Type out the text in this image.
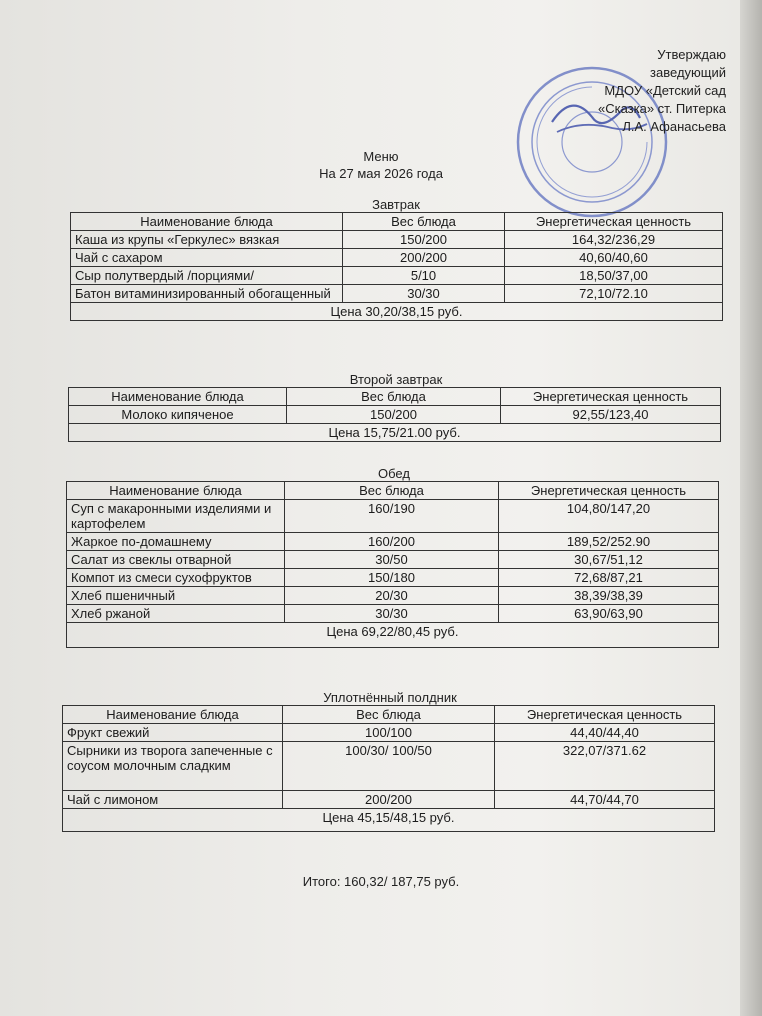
Утверждаю
заведующий
МДОУ «Детский сад
«Сказка» ст. Питерка
Л.А. Афанасьева
Меню
На 27 мая 2026 года
Завтрак
Наименование блюда	Вес блюда	Энергетическая ценность
Каша из крупы «Геркулес» вязкая	150/200	164,32/236,29
Чай с сахаром	200/200	40,60/40,60
Сыр полутвердый /порциями/	5/10	18,50/37,00
Батон витаминизированный обогащенный	30/30	72,10/72.10
Цена 30,20/38,15 руб.		
Второй завтрак
Наименование блюда	Вес блюда	Энергетическая ценность
Молоко кипяченое	150/200	92,55/123,40
Цена 15,75/21.00 руб.		
Обед
Наименование блюда	Вес блюда	Энергетическая ценность
Суп с макаронными изделиями и картофелем	160/190	104,80/147,20
Жаркое по-домашнему	160/200	189,52/252.90
Салат из свеклы отварной	30/50	30,67/51,12
Компот из смеси сухофруктов	150/180	72,68/87,21
Хлеб пшеничный	20/30	38,39/38,39
Хлеб ржаной	30/30	63,90/63,90
Цена 69,22/80,45 руб.		
Уплотнённый полдник
Наименование блюда	Вес блюда	Энергетическая ценность
Фрукт свежий	100/100	44,40/44,40
Сырники из творога запеченные с соусом молочным сладким	100/30/ 100/50	322,07/371.62
Чай с лимоном	200/200	44,70/44,70
Цена 45,15/48,15 руб.		
Итого: 160,32/ 187,75 руб.
